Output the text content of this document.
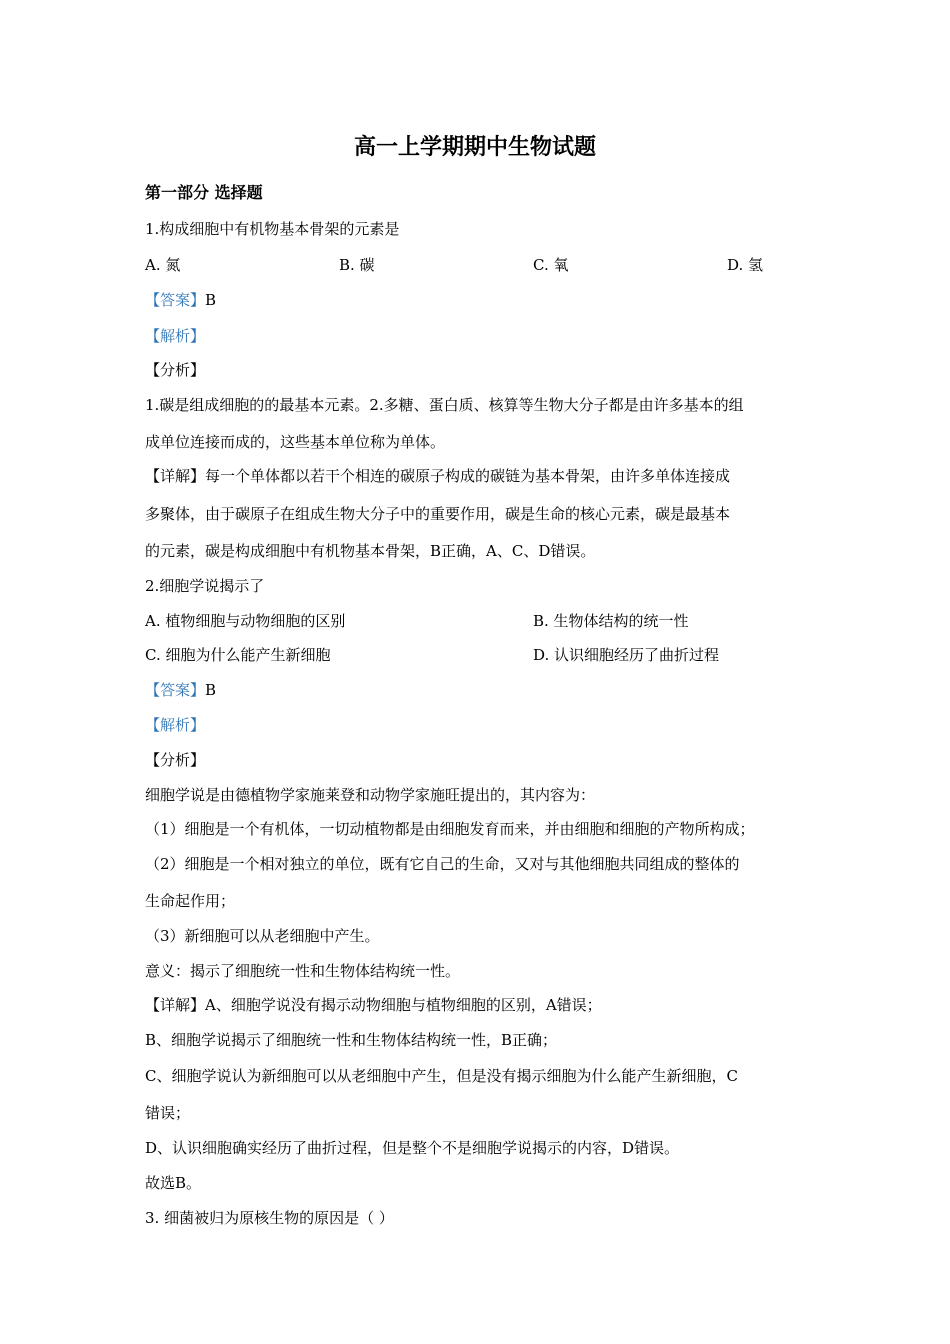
高一上学期期中生物试题
第一部分 选择题
1.构成细胞中有机物基本骨架的元素是
A. 氮	B. 碳	C. 氧	D. 氢
【答案】B
【解析】
【分析】
1.碳是组成细胞的的最基本元素。2.多糖、蛋白质、核算等生物大分子都是由许多基本的组
成单位连接而成的，这些基本单位称为单体。
【详解】每一个单体都以若干个相连的碳原子构成的碳链为基本骨架，由许多单体连接成
多聚体，由于碳原子在组成生物大分子中的重要作用，碳是生命的核心元素，碳是最基本
的元素，碳是构成细胞中有机物基本骨架，B正确，A、C、D错误。
2.细胞学说揭示了
A. 植物细胞与动物细胞的区别	B. 生物体结构的统一性
C. 细胞为什么能产生新细胞	D. 认识细胞经历了曲折过程
【答案】B
【解析】
【分析】
细胞学说是由德植物学家施莱登和动物学家施旺提出的，其内容为：
（1）细胞是一个有机体，一切动植物都是由细胞发育而来，并由细胞和细胞的产物所构成；
（2）细胞是一个相对独立的单位，既有它自己的生命，又对与其他细胞共同组成的整体的
生命起作用；
（3）新细胞可以从老细胞中产生。
意义：揭示了细胞统一性和生物体结构统一性。
【详解】A、细胞学说没有揭示动物细胞与植物细胞的区别，A错误；
B、细胞学说揭示了细胞统一性和生物体结构统一性，B正确；
C、细胞学说认为新细胞可以从老细胞中产生，但是没有揭示细胞为什么能产生新细胞，C
错误；
D、认识细胞确实经历了曲折过程，但是整个不是细胞学说揭示的内容，D错误。
故选B。
3. 细菌被归为原核生物的原因是（ ）
